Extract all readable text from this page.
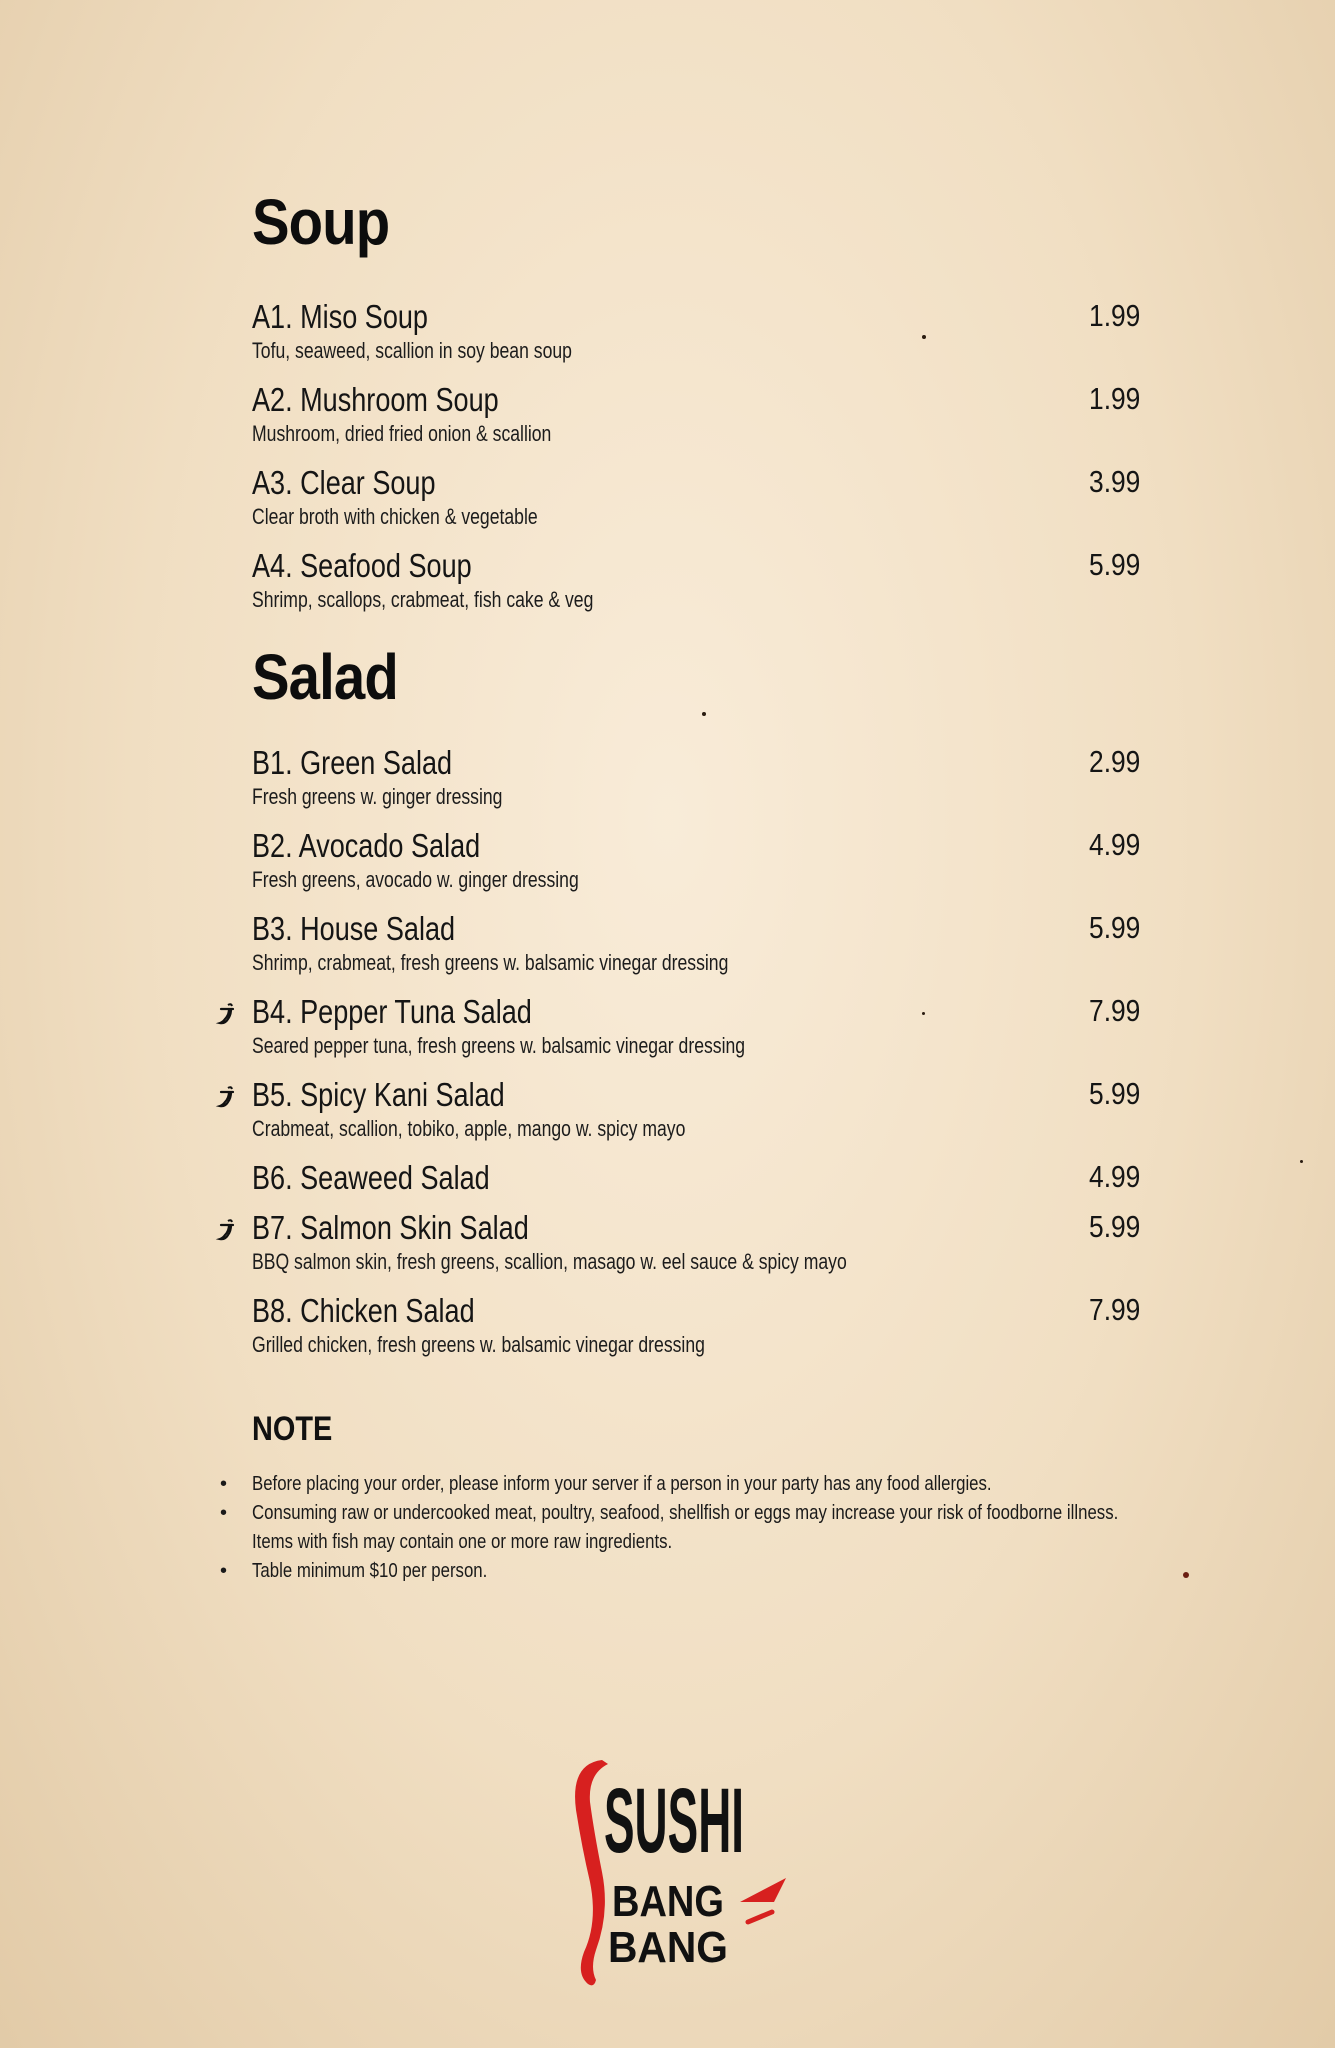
Soup
A1. Miso Soup	1.99
Tofu, seaweed, scallion in soy bean soup
A2. Mushroom Soup	1.99
Mushroom, dried fried onion & scallion
A3. Clear Soup	3.99
Clear broth with chicken & vegetable
A4. Seafood Soup	5.99
Shrimp, scallops, crabmeat, fish cake & veg
Salad
B1. Green Salad	2.99
Fresh greens w. ginger dressing
B2. Avocado Salad	4.99
Fresh greens, avocado w. ginger dressing
B3. House Salad	5.99
Shrimp, crabmeat, fresh greens w. balsamic vinegar dressing
B4. Pepper Tuna Salad	7.99
Seared pepper tuna, fresh greens w. balsamic vinegar dressing
B5. Spicy Kani Salad	5.99
Crabmeat, scallion, tobiko, apple, mango w. spicy mayo
B6. Seaweed Salad	4.99
B7. Salmon Skin Salad	5.99
BBQ salmon skin, fresh greens, scallion, masago w. eel sauce & spicy mayo
B8. Chicken Salad	7.99
Grilled chicken, fresh greens w. balsamic vinegar dressing
NOTE
• Before placing your order, please inform your server if a person in your party has any food allergies.
• Consuming raw or undercooked meat, poultry, seafood, shellfish or eggs may increase your risk of foodborne illness. Items with fish may contain one or more raw ingredients.
• Table minimum $10 per person.
SUSHI
BANG
BANG
